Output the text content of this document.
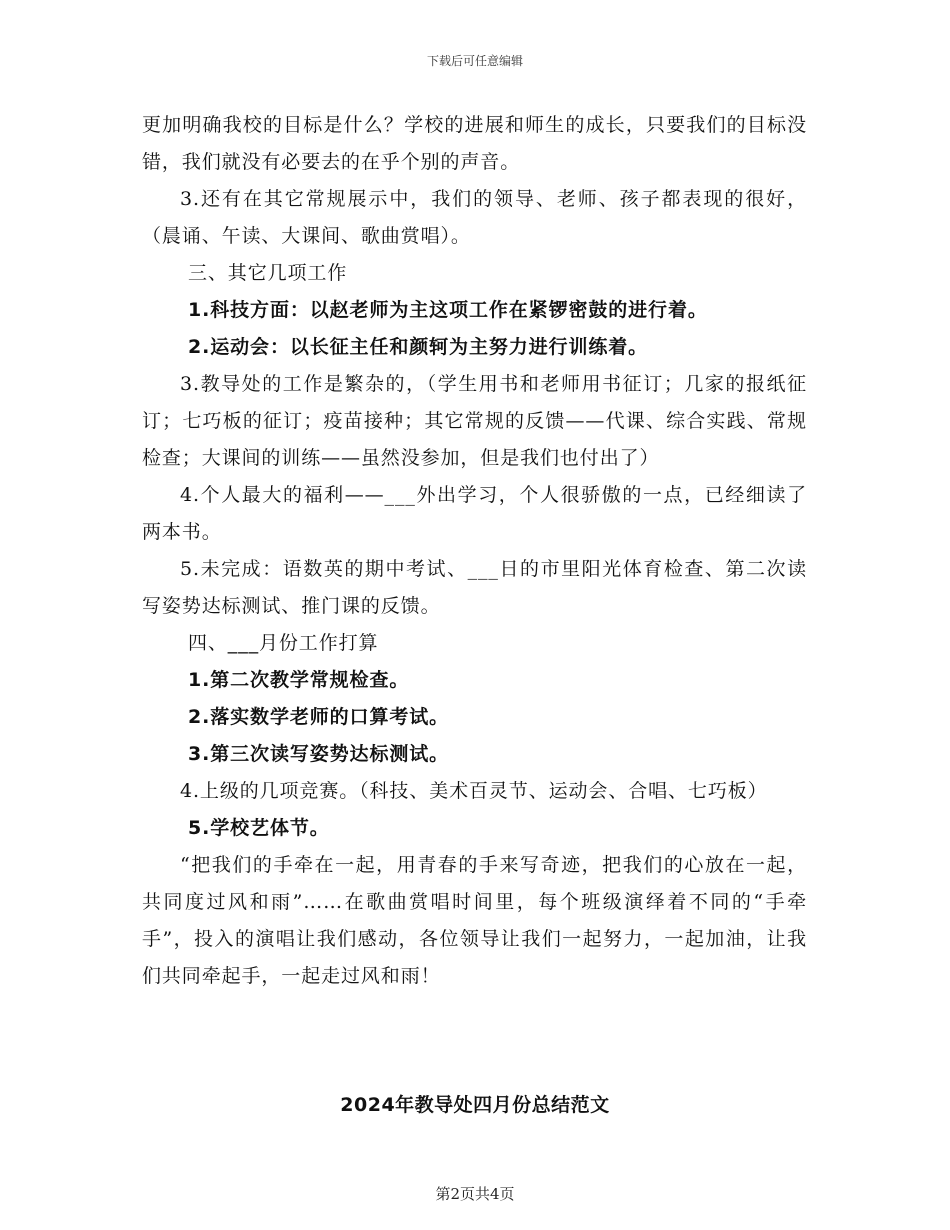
下载后可任意编辑

更加明确我校的目标是什么？学校的进展和师生的成长，只要我们的目标没错，我们就没有必要去的在乎个别的声音。

3.还有在其它常规展示中，我们的领导、老师、孩子都表现的很好，（晨诵、午读、大课间、歌曲赏唱）。

三、其它几项工作

1.科技方面：以赵老师为主这项工作在紧锣密鼓的进行着。

2.运动会：以长征主任和颜轲为主努力进行训练着。

3.教导处的工作是繁杂的，（学生用书和老师用书征订；几家的报纸征订；七巧板的征订；疫苗接种；其它常规的反馈——代课、综合实践、常规检查；大课间的训练——虽然没参加，但是我们也付出了）

4.个人最大的福利——___外出学习，个人很骄傲的一点，已经细读了两本书。

5.未完成：语数英的期中考试、___日的市里阳光体育检查、第二次读写姿势达标测试、推门课的反馈。

四、___月份工作打算

1.第二次教学常规检查。

2.落实数学老师的口算考试。

3.第三次读写姿势达标测试。

4.上级的几项竞赛。（科技、美术百灵节、运动会、合唱、七巧板）

5.学校艺体节。

“把我们的手牵在一起，用青春的手来写奇迹，把我们的心放在一起，共同度过风和雨”……在歌曲赏唱时间里，每个班级演绎着不同的“手牵手”，投入的演唱让我们感动，各位领导让我们一起努力，一起加油，让我们共同牵起手，一起走过风和雨！

2024年教导处四月份总结范文
第2页共4页
